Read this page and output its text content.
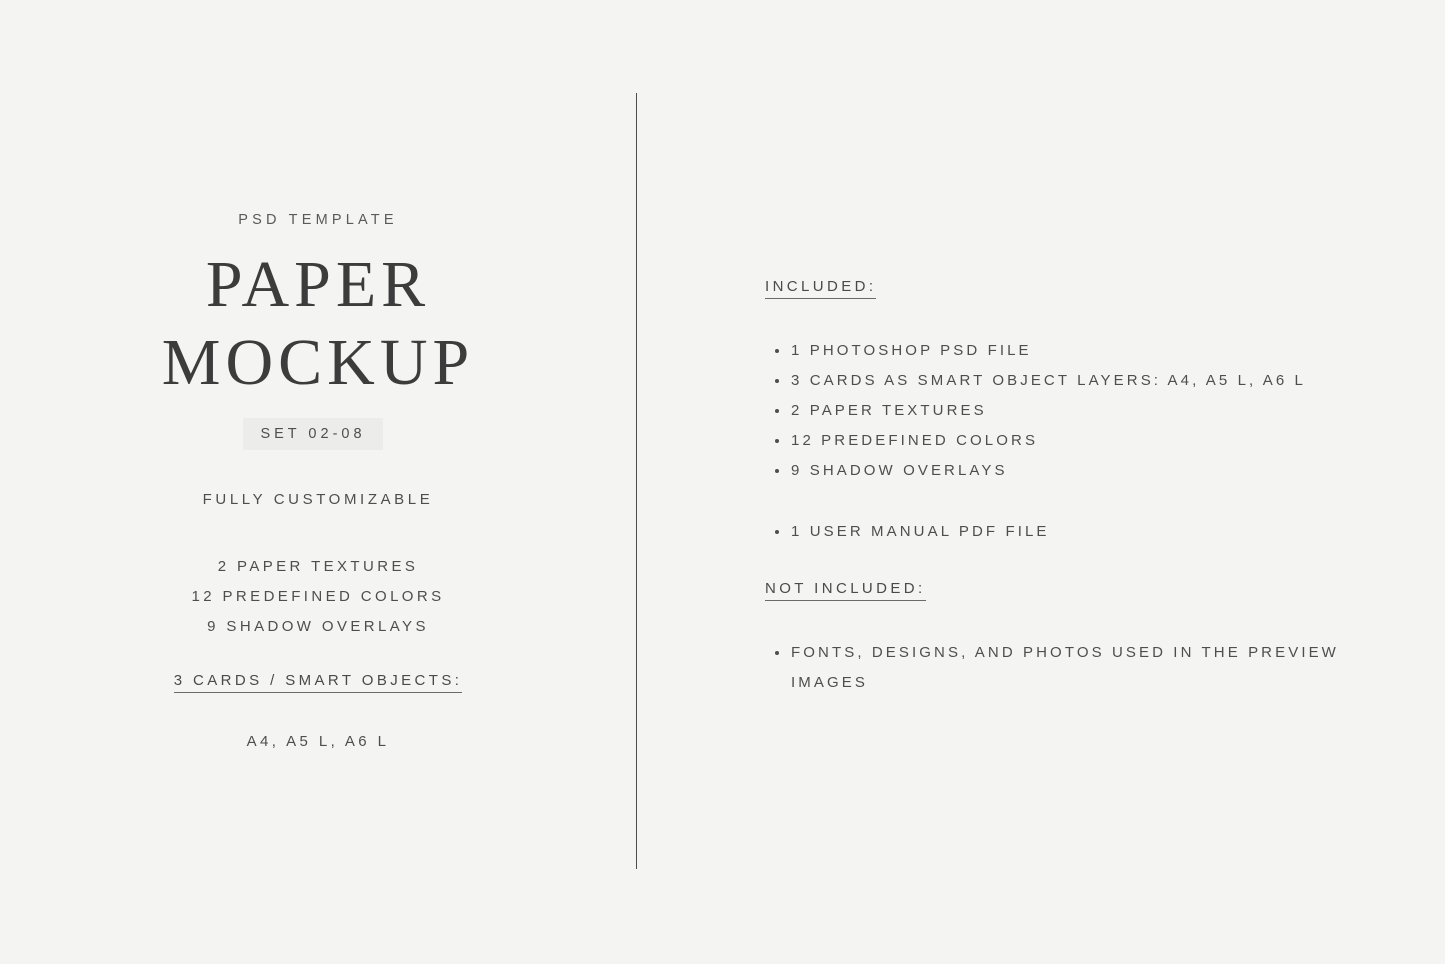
PSD TEMPLATE
PAPER
MOCKUP
SET 02-08
FULLY CUSTOMIZABLE
2 PAPER TEXTURES
12 PREDEFINED COLORS
9 SHADOW OVERLAYS
3 CARDS / SMART OBJECTS:
A4, A5 L, A6 L
INCLUDED:
1 PHOTOSHOP PSD FILE
3 CARDS AS SMART OBJECT LAYERS: A4, A5 L, A6 L
2 PAPER TEXTURES
12 PREDEFINED COLORS
9 SHADOW OVERLAYS
1 USER MANUAL PDF FILE
NOT INCLUDED:
FONTS, DESIGNS, AND PHOTOS USED IN THE PREVIEW IMAGES
